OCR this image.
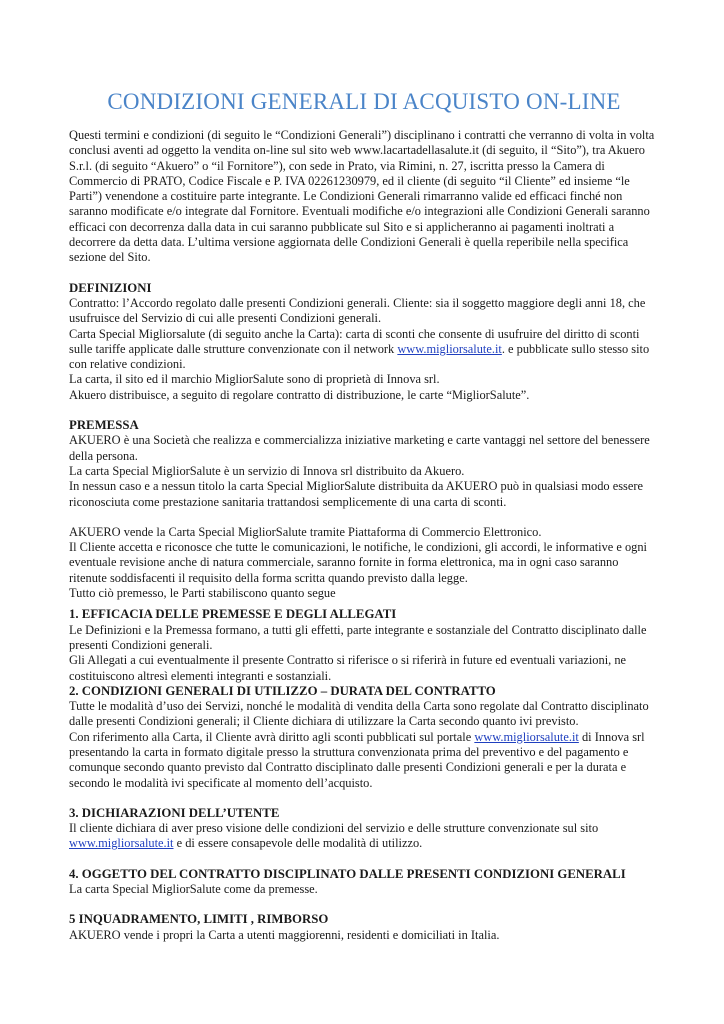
CONDIZIONI GENERALI DI ACQUISTO ON-LINE

Questi termini e condizioni (di seguito le “Condizioni Generali”) disciplinano i contratti che verranno di volta in volta conclusi aventi ad oggetto la vendita on-line sul sito web www.lacartadellasalute.it (di seguito, il “Sito”), tra Akuero S.r.l. (di seguito “Akuero” o “il Fornitore”), con sede in Prato, via Rimini, n. 27, iscritta presso la Camera di Commercio di PRATO, Codice Fiscale e P. IVA 02261230979, ed il cliente (di seguito “il Cliente” ed insieme “le Parti”) venendone a costituire parte integrante. Le Condizioni Generali rimarranno valide ed efficaci finché non saranno modificate e/o integrate dal Fornitore. Eventuali modifiche e/o integrazioni alle Condizioni Generali saranno efficaci con decorrenza dalla data in cui saranno pubblicate sul Sito e si applicheranno ai pagamenti inoltrati a decorrere da detta data. L’ultima versione aggiornata delle Condizioni Generali è quella reperibile nella specifica sezione del Sito.

DEFINIZIONI

Contratto: l’Accordo regolato dalle presenti Condizioni generali. Cliente: sia il soggetto maggiore degli anni 18, che usufruisce del Servizio di cui alle presenti Condizioni generali.

Carta Special Migliorsalute (di seguito anche la Carta): carta di sconti che consente di usufruire del diritto di sconti sulle tariffe applicate dalle strutture convenzionate con il network www.migliorsalute.it. e pubblicate sullo stesso sito con relative condizioni.

La carta, il sito ed il marchio MigliorSalute sono di proprietà di Innova srl.

Akuero distribuisce, a seguito di regolare contratto di distribuzione, le carte “MigliorSalute”.

PREMESSA

AKUERO è una Società che realizza e commercializza iniziative marketing e carte vantaggi nel settore del benessere della persona.

La carta Special MigliorSalute è un servizio di Innova srl distribuito da Akuero.

In nessun caso e a nessun titolo la carta Special MigliorSalute distribuita da AKUERO può in qualsiasi modo essere riconosciuta come prestazione sanitaria trattandosi semplicemente di una carta di sconti.

AKUERO vende la Carta Special MigliorSalute tramite Piattaforma di Commercio Elettronico.

Il Cliente accetta e riconosce che tutte le comunicazioni, le notifiche, le condizioni, gli accordi, le informative e ogni eventuale revisione anche di natura commerciale, saranno fornite in forma elettronica, ma in ogni caso saranno ritenute soddisfacenti il requisito della forma scritta quando previsto dalla legge.

Tutto ciò premesso, le Parti stabiliscono quanto segue

1. EFFICACIA DELLE PREMESSE E DEGLI ALLEGATI

Le Definizioni e la Premessa formano, a tutti gli effetti, parte integrante e sostanziale del Contratto disciplinato dalle presenti Condizioni generali.

Gli Allegati a cui eventualmente il presente Contratto si riferisce o si riferirà in future ed eventuali variazioni, ne costituiscono altresì elementi integranti e sostanziali.

2. CONDIZIONI GENERALI DI UTILIZZO – DURATA DEL CONTRATTO

Tutte le modalità d’uso dei Servizi, nonché le modalità di vendita della Carta sono regolate dal Contratto disciplinato dalle presenti Condizioni generali; il Cliente dichiara di utilizzare la Carta secondo quanto ivi previsto.

Con riferimento alla Carta, il Cliente avrà diritto agli sconti pubblicati sul portale www.migliorsalute.it di Innova srl presentando la carta in formato digitale presso la struttura convenzionata prima del preventivo e del pagamento e comunque secondo quanto previsto dal Contratto disciplinato dalle presenti Condizioni generali e per la durata e secondo le modalità ivi specificate al momento dell’acquisto.

3. DICHIARAZIONI DELL’UTENTE

Il cliente dichiara di aver preso visione delle condizioni del servizio e delle strutture convenzionate sul sito www.migliorsalute.it e di essere consapevole delle modalità di utilizzo.

4. OGGETTO DEL CONTRATTO DISCIPLINATO DALLE PRESENTI CONDIZIONI GENERALI

La carta Special MigliorSalute come da premesse.

5 INQUADRAMENTO, LIMITI , RIMBORSO

AKUERO vende i propri la Carta a utenti maggiorenni, residenti e domiciliati in Italia.
